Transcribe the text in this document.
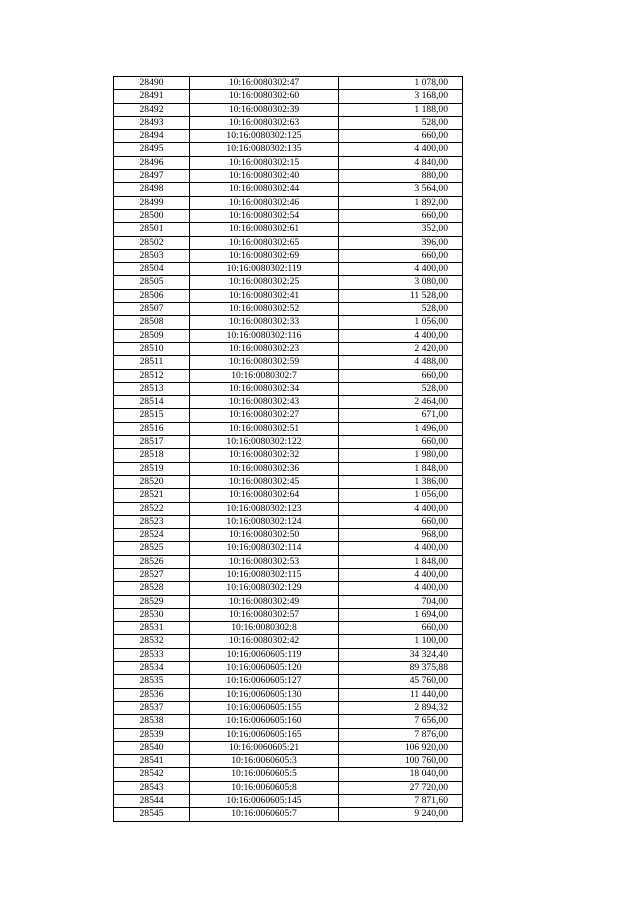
28490	10:16:0080302:47	1 078,00
28491	10:16:0080302:60	3 168,00
28492	10:16:0080302:39	1 188,00
28493	10:16:0080302:63	528,00
28494	10:16:0080302:125	660,00
28495	10:16:0080302:135	4 400,00
28496	10:16:0080302:15	4 840,00
28497	10:16:0080302:40	880,00
28498	10:16:0080302:44	3 564,00
28499	10:16:0080302:46	1 892,00
28500	10:16:0080302:54	660,00
28501	10:16:0080302:61	352,00
28502	10:16:0080302:65	396,00
28503	10:16:0080302:69	660,00
28504	10:16:0080302:119	4 400,00
28505	10:16:0080302:25	3 080,00
28506	10:16:0080302:41	11 528,00
28507	10:16:0080302:52	528,00
28508	10:16:0080302:33	1 056,00
28509	10:16:0080302:116	4 400,00
28510	10:16:0080302:23	2 420,00
28511	10:16:0080302:59	4 488,00
28512	10:16:0080302:7	660,00
28513	10:16:0080302:34	528,00
28514	10:16:0080302:43	2 464,00
28515	10:16:0080302:27	671,00
28516	10:16:0080302:51	1 496,00
28517	10:16:0080302:122	660,00
28518	10:16:0080302:32	1 980,00
28519	10:16:0080302:36	1 848,00
28520	10:16:0080302:45	1 386,00
28521	10:16:0080302:64	1 056,00
28522	10:16:0080302:123	4 400,00
28523	10:16:0080302:124	660,00
28524	10:16:0080302:50	968,00
28525	10:16:0080302:114	4 400,00
28526	10:16:0080302:53	1 848,00
28527	10:16:0080302:115	4 400,00
28528	10:16:0080302:129	4 400,00
28529	10:16:0080302:49	704,00
28530	10:16:0080302:57	1 694,00
28531	10:16:0080302:8	660,00
28532	10:16:0080302:42	1 100,00
28533	10:16:0060605:119	34 324,40
28534	10:16:0060605:120	89 375,88
28535	10:16:0060605:127	45 760,00
28536	10:16:0060605:130	11 440,00
28537	10:16:0060605:155	2 894,32
28538	10:16:0060605:160	7 656,00
28539	10:16:0060605:165	7 876,00
28540	10:16:0060605:21	106 920,00
28541	10:16:0060605:3	100 760,00
28542	10:16:0060605:5	18 040,00
28543	10:16:0060605:8	27 720,00
28544	10:16:0060605:145	7 871,60
28545	10:16:0060605:7	9 240,00
